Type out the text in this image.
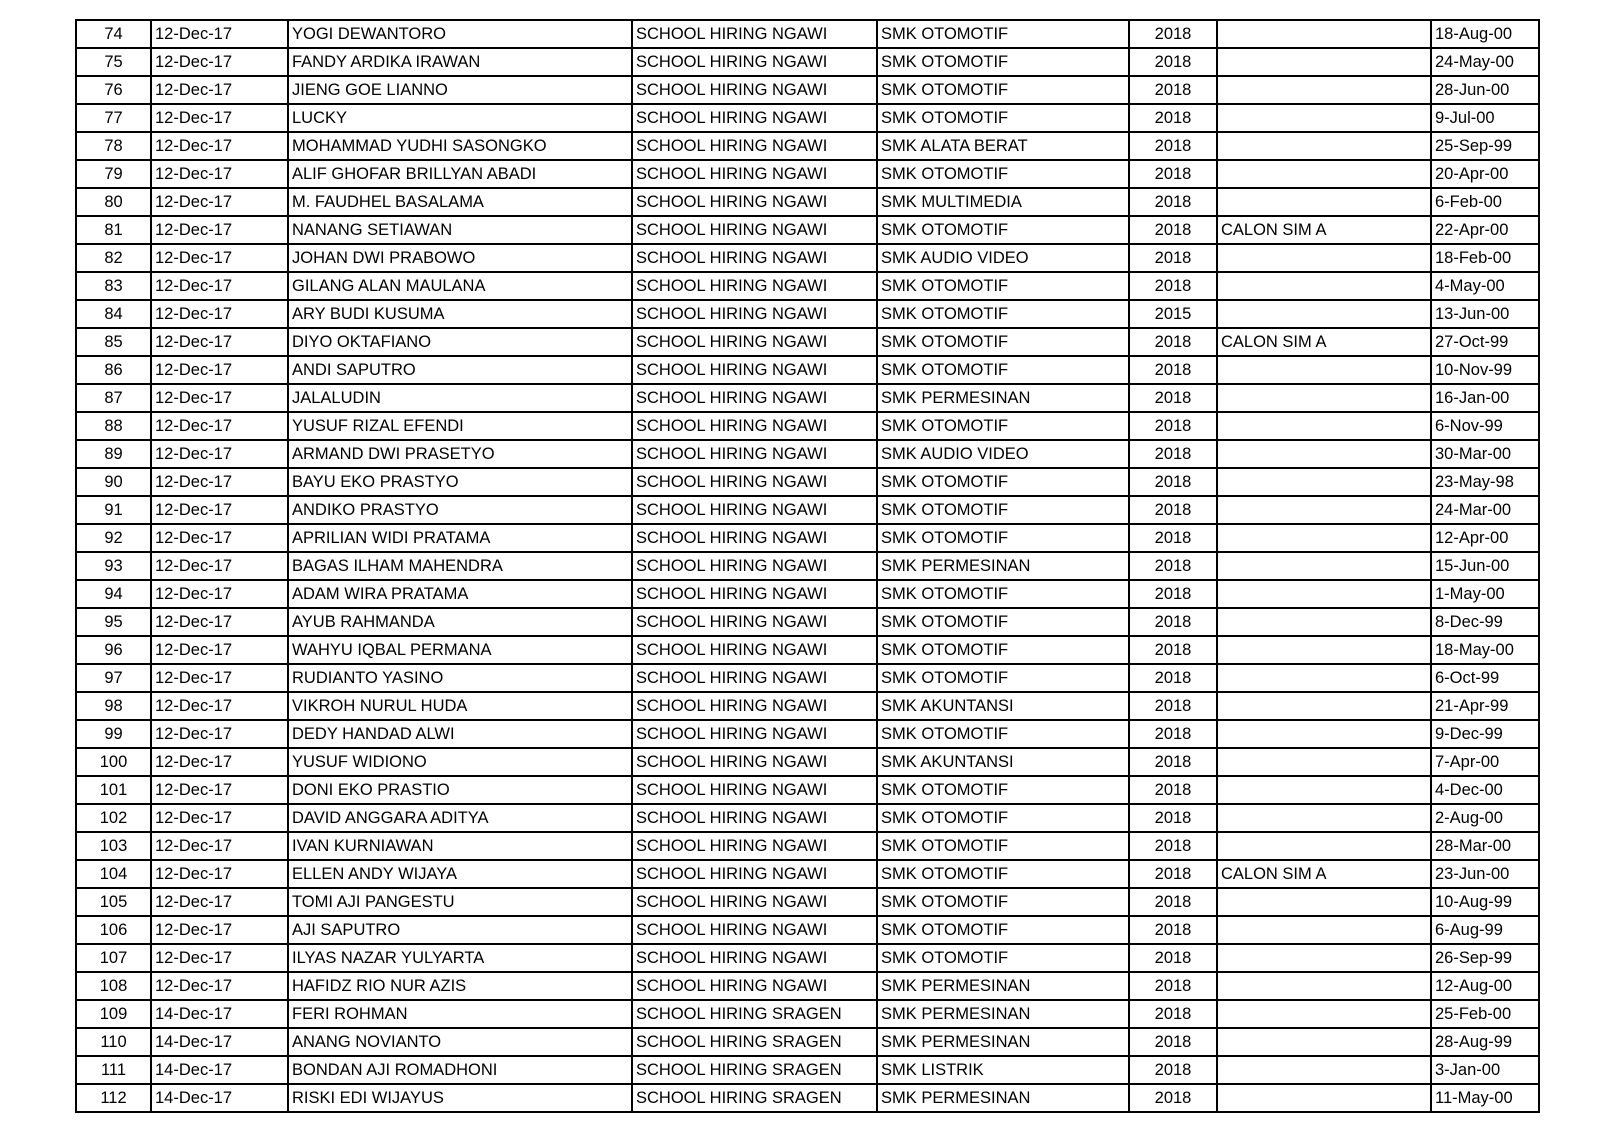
74	12-Dec-17	YOGI DEWANTORO	SCHOOL HIRING NGAWI	SMK OTOMOTIF	2018		18-Aug-00
75	12-Dec-17	FANDY ARDIKA IRAWAN	SCHOOL HIRING NGAWI	SMK OTOMOTIF	2018		24-May-00
76	12-Dec-17	JIENG GOE LIANNO	SCHOOL HIRING NGAWI	SMK OTOMOTIF	2018		28-Jun-00
77	12-Dec-17	LUCKY	SCHOOL HIRING NGAWI	SMK OTOMOTIF	2018		9-Jul-00
78	12-Dec-17	MOHAMMAD YUDHI SASONGKO	SCHOOL HIRING NGAWI	SMK ALATA BERAT	2018		25-Sep-99
79	12-Dec-17	ALIF GHOFAR BRILLYAN ABADI	SCHOOL HIRING NGAWI	SMK OTOMOTIF	2018		20-Apr-00
80	12-Dec-17	M. FAUDHEL BASALAMA	SCHOOL HIRING NGAWI	SMK MULTIMEDIA	2018		6-Feb-00
81	12-Dec-17	NANANG SETIAWAN	SCHOOL HIRING NGAWI	SMK OTOMOTIF	2018	CALON SIM A	22-Apr-00
82	12-Dec-17	JOHAN DWI PRABOWO	SCHOOL HIRING NGAWI	SMK AUDIO VIDEO	2018		18-Feb-00
83	12-Dec-17	GILANG ALAN MAULANA	SCHOOL HIRING NGAWI	SMK OTOMOTIF	2018		4-May-00
84	12-Dec-17	ARY BUDI KUSUMA	SCHOOL HIRING NGAWI	SMK OTOMOTIF	2015		13-Jun-00
85	12-Dec-17	DIYO OKTAFIANO	SCHOOL HIRING NGAWI	SMK OTOMOTIF	2018	CALON SIM A	27-Oct-99
86	12-Dec-17	ANDI SAPUTRO	SCHOOL HIRING NGAWI	SMK OTOMOTIF	2018		10-Nov-99
87	12-Dec-17	JALALUDIN	SCHOOL HIRING NGAWI	SMK PERMESINAN	2018		16-Jan-00
88	12-Dec-17	YUSUF RIZAL EFENDI	SCHOOL HIRING NGAWI	SMK OTOMOTIF	2018		6-Nov-99
89	12-Dec-17	ARMAND DWI PRASETYO	SCHOOL HIRING NGAWI	SMK AUDIO VIDEO	2018		30-Mar-00
90	12-Dec-17	BAYU EKO PRASTYO	SCHOOL HIRING NGAWI	SMK OTOMOTIF	2018		23-May-98
91	12-Dec-17	ANDIKO PRASTYO	SCHOOL HIRING NGAWI	SMK OTOMOTIF	2018		24-Mar-00
92	12-Dec-17	APRILIAN WIDI PRATAMA	SCHOOL HIRING NGAWI	SMK OTOMOTIF	2018		12-Apr-00
93	12-Dec-17	BAGAS ILHAM MAHENDRA	SCHOOL HIRING NGAWI	SMK PERMESINAN	2018		15-Jun-00
94	12-Dec-17	ADAM WIRA PRATAMA	SCHOOL HIRING NGAWI	SMK OTOMOTIF	2018		1-May-00
95	12-Dec-17	AYUB RAHMANDA	SCHOOL HIRING NGAWI	SMK OTOMOTIF	2018		8-Dec-99
96	12-Dec-17	WAHYU IQBAL PERMANA	SCHOOL HIRING NGAWI	SMK OTOMOTIF	2018		18-May-00
97	12-Dec-17	RUDIANTO YASINO	SCHOOL HIRING NGAWI	SMK OTOMOTIF	2018		6-Oct-99
98	12-Dec-17	VIKROH NURUL HUDA	SCHOOL HIRING NGAWI	SMK AKUNTANSI	2018		21-Apr-99
99	12-Dec-17	DEDY HANDAD ALWI	SCHOOL HIRING NGAWI	SMK OTOMOTIF	2018		9-Dec-99
100	12-Dec-17	YUSUF WIDIONO	SCHOOL HIRING NGAWI	SMK AKUNTANSI	2018		7-Apr-00
101	12-Dec-17	DONI EKO PRASTIO	SCHOOL HIRING NGAWI	SMK OTOMOTIF	2018		4-Dec-00
102	12-Dec-17	DAVID ANGGARA ADITYA	SCHOOL HIRING NGAWI	SMK OTOMOTIF	2018		2-Aug-00
103	12-Dec-17	IVAN KURNIAWAN	SCHOOL HIRING NGAWI	SMK OTOMOTIF	2018		28-Mar-00
104	12-Dec-17	ELLEN ANDY WIJAYA	SCHOOL HIRING NGAWI	SMK OTOMOTIF	2018	CALON SIM A	23-Jun-00
105	12-Dec-17	TOMI AJI PANGESTU	SCHOOL HIRING NGAWI	SMK OTOMOTIF	2018		10-Aug-99
106	12-Dec-17	AJI SAPUTRO	SCHOOL HIRING NGAWI	SMK OTOMOTIF	2018		6-Aug-99
107	12-Dec-17	ILYAS NAZAR YULYARTA	SCHOOL HIRING NGAWI	SMK OTOMOTIF	2018		26-Sep-99
108	12-Dec-17	HAFIDZ RIO NUR AZIS	SCHOOL HIRING NGAWI	SMK PERMESINAN	2018		12-Aug-00
109	14-Dec-17	FERI ROHMAN	SCHOOL HIRING SRAGEN	SMK PERMESINAN	2018		25-Feb-00
110	14-Dec-17	ANANG NOVIANTO	SCHOOL HIRING SRAGEN	SMK PERMESINAN	2018		28-Aug-99
111	14-Dec-17	BONDAN AJI ROMADHONI	SCHOOL HIRING SRAGEN	SMK LISTRIK	2018		3-Jan-00
112	14-Dec-17	RISKI EDI WIJAYUS	SCHOOL HIRING SRAGEN	SMK PERMESINAN	2018		11-May-00
